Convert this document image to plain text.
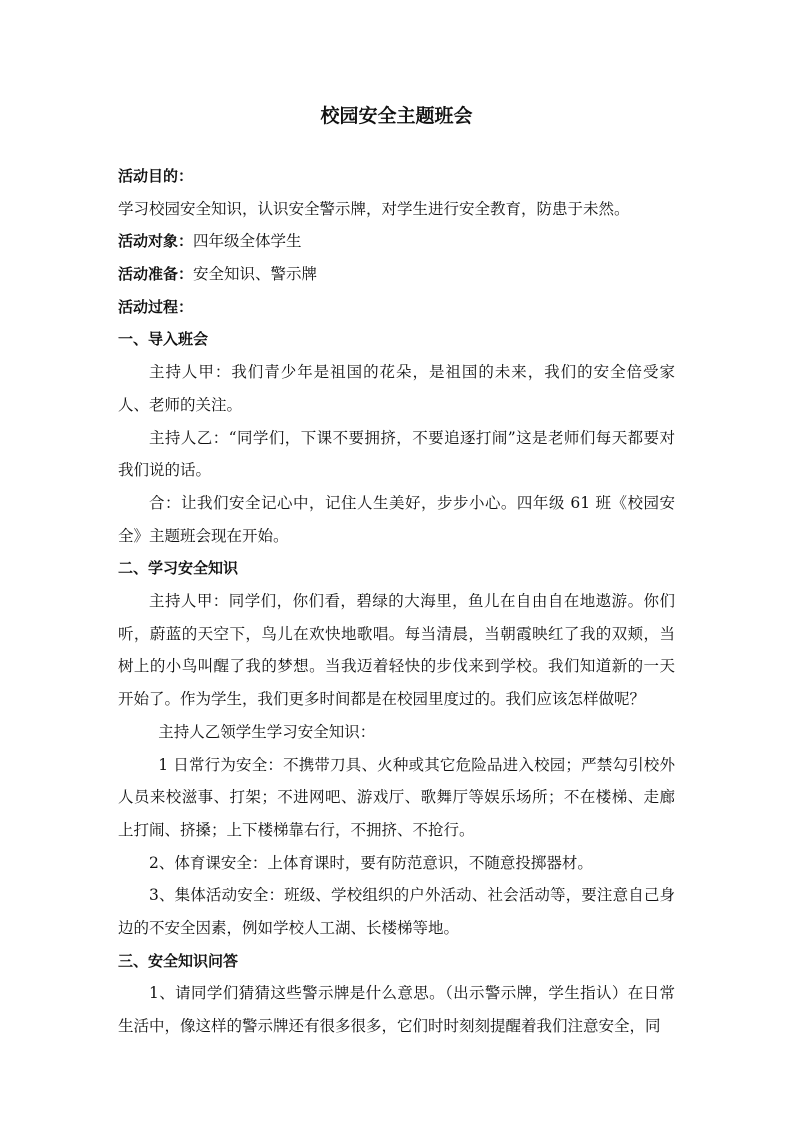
校园安全主题班会
活动目的：
学习校园安全知识，认识安全警示牌，对学生进行安全教育，防患于未然。
活动对象：四年级全体学生
活动准备：安全知识、警示牌
活动过程：
一、导入班会

主持人甲：我们青少年是祖国的花朵，是祖国的未来，我们的安全倍受家人、老师的关注。

主持人乙：“同学们，下课不要拥挤，不要追逐打闹”这是老师们每天都要对我们说的话。

合：让我们安全记心中，记住人生美好，步步小心。四年级 61 班《校园安全》主题班会现在开始。

二、学习安全知识

主持人甲：同学们，你们看，碧绿的大海里，鱼儿在自由自在地遨游。你们听，蔚蓝的天空下，鸟儿在欢快地歌唱。每当清晨，当朝霞映红了我的双颊，当树上的小鸟叫醒了我的梦想。当我迈着轻快的步伐来到学校。我们知道新的一天开始了。作为学生，我们更多时间都是在校园里度过的。我们应该怎样做呢？

主持人乙领学生学习安全知识：

1 日常行为安全：不携带刀具、火种或其它危险品进入校园；严禁勾引校外人员来校滋事、打架；不进网吧、游戏厅、歌舞厅等娱乐场所；不在楼梯、走廊上打闹、挤搡；上下楼梯靠右行，不拥挤、不抢行。

2、体育课安全：上体育课时，要有防范意识，不随意投掷器材。

3、集体活动安全：班级、学校组织的户外活动、社会活动等，要注意自己身边的不安全因素，例如学校人工湖、长楼梯等地。

三、安全知识问答

1、请同学们猜猜这些警示牌是什么意思。（出示警示牌，学生指认）在日常生活中，像这样的警示牌还有很多很多，它们时时刻刻提醒着我们注意安全，同
